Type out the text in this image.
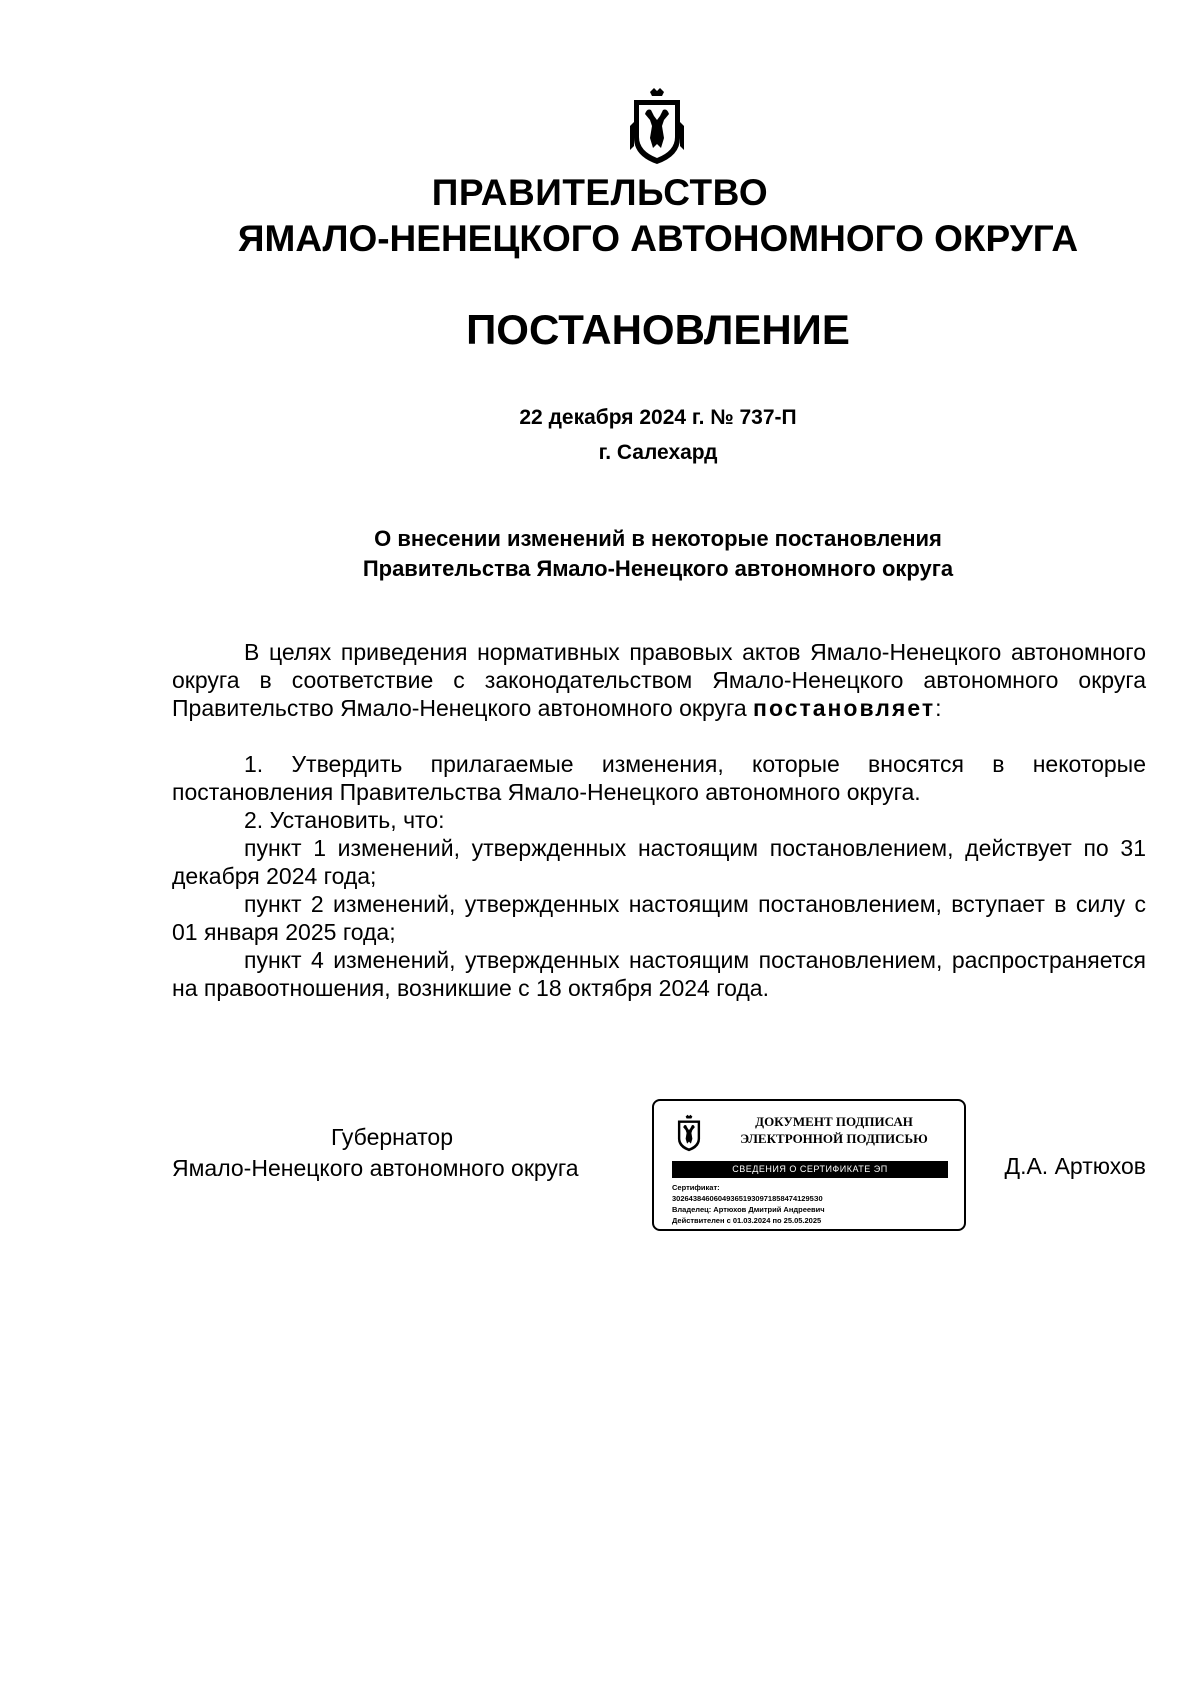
ПРАВИТЕЛЬСТВО
ЯМАЛО-НЕНЕЦКОГО АВТОНОМНОГО ОКРУГА
ПОСТАНОВЛЕНИЕ
22 декабря 2024 г. № 737-П
г. Салехард
О внесении изменений в некоторые постановления
Правительства Ямало-Ненецкого автономного округа

В целях приведения нормативных правовых актов Ямало-Ненецкого автономного округа в соответствие с законодательством Ямало-Ненецкого автономного округа Правительство Ямало-Ненецкого автономного округа постановляет:

1. Утвердить прилагаемые изменения, которые вносятся в некоторые постановления Правительства Ямало-Ненецкого автономного округа.

2. Установить, что:

пункт 1 изменений, утвержденных настоящим постановлением, действует по 31 декабря 2024 года;

пункт 2 изменений, утвержденных настоящим постановлением, вступает в силу с 01 января 2025 года;

пункт 4 изменений, утвержденных настоящим постановлением, распространяется на правоотношения, возникшие с 18 октября 2024 года.

Губернатор
Ямало-Ненецкого автономного округа
ДОКУМЕНТ ПОДПИСАН
ЭЛЕКТРОННОЙ ПОДПИСЬЮ
СВЕДЕНИЯ О СЕРТИФИКАТЕ ЭП
Сертификат:
3026438460604936519309718584741295З0
Владелец: Артюхов Дмитрий Андреевич
Действителен с 01.03.2024 по 25.05.2025
Д.А. Артюхов
